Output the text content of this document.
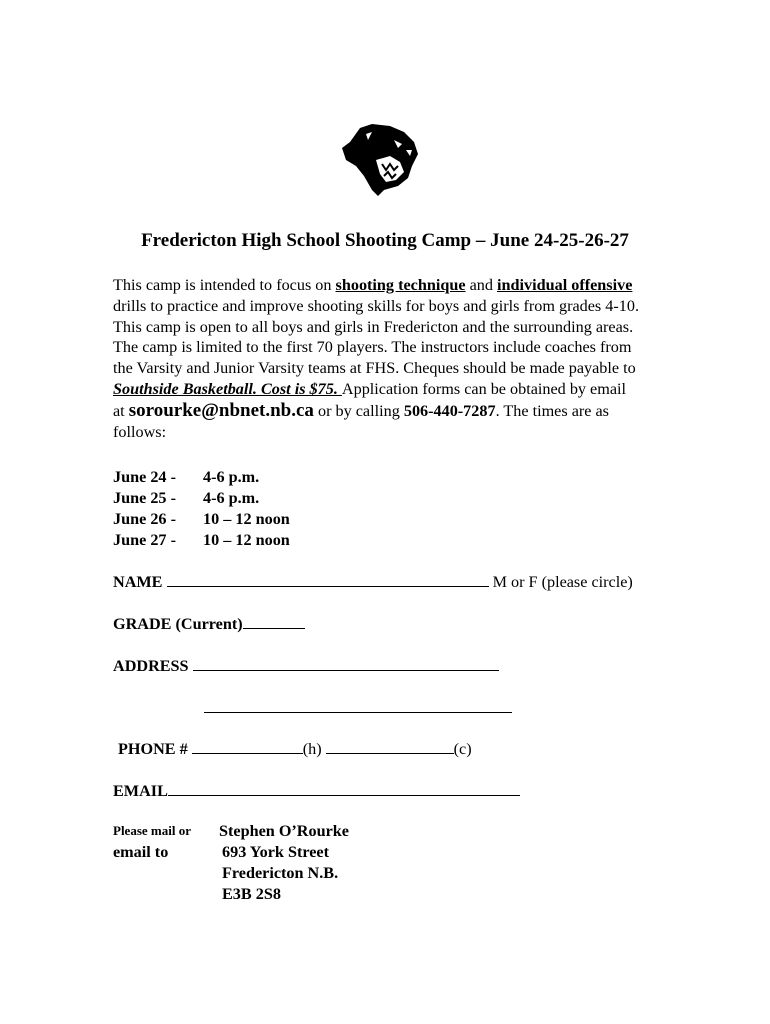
Fredericton High School Shooting Camp – June 24-25-26-27
This camp is intended to focus on shooting technique and individual offensive
drills to practice and improve shooting skills for boys and girls from grades 4-10.
This camp is open to all boys and girls in Fredericton and the surrounding areas.
The camp is limited to the first 70 players. The instructors include coaches from
the Varsity and Junior Varsity teams at FHS. Cheques should be made payable to
Southside Basketball. Cost is $75. Application forms can be obtained by email
at sorourke@nbnet.nb.ca or by calling 506-440-7287. The times are as
follows:
June 24 -	4-6 p.m.
June 25 -	4-6 p.m.
June 26 -	10 – 12 noon
June 27 -	10 – 12 noon
NAME	M or F (please circle)
GRADE (Current)
ADDRESS
PHONE #	(h)	(c)
EMAIL
Please mail or
email to
Stephen O’Rourke
693 York Street
Fredericton N.B.
E3B 2S8
